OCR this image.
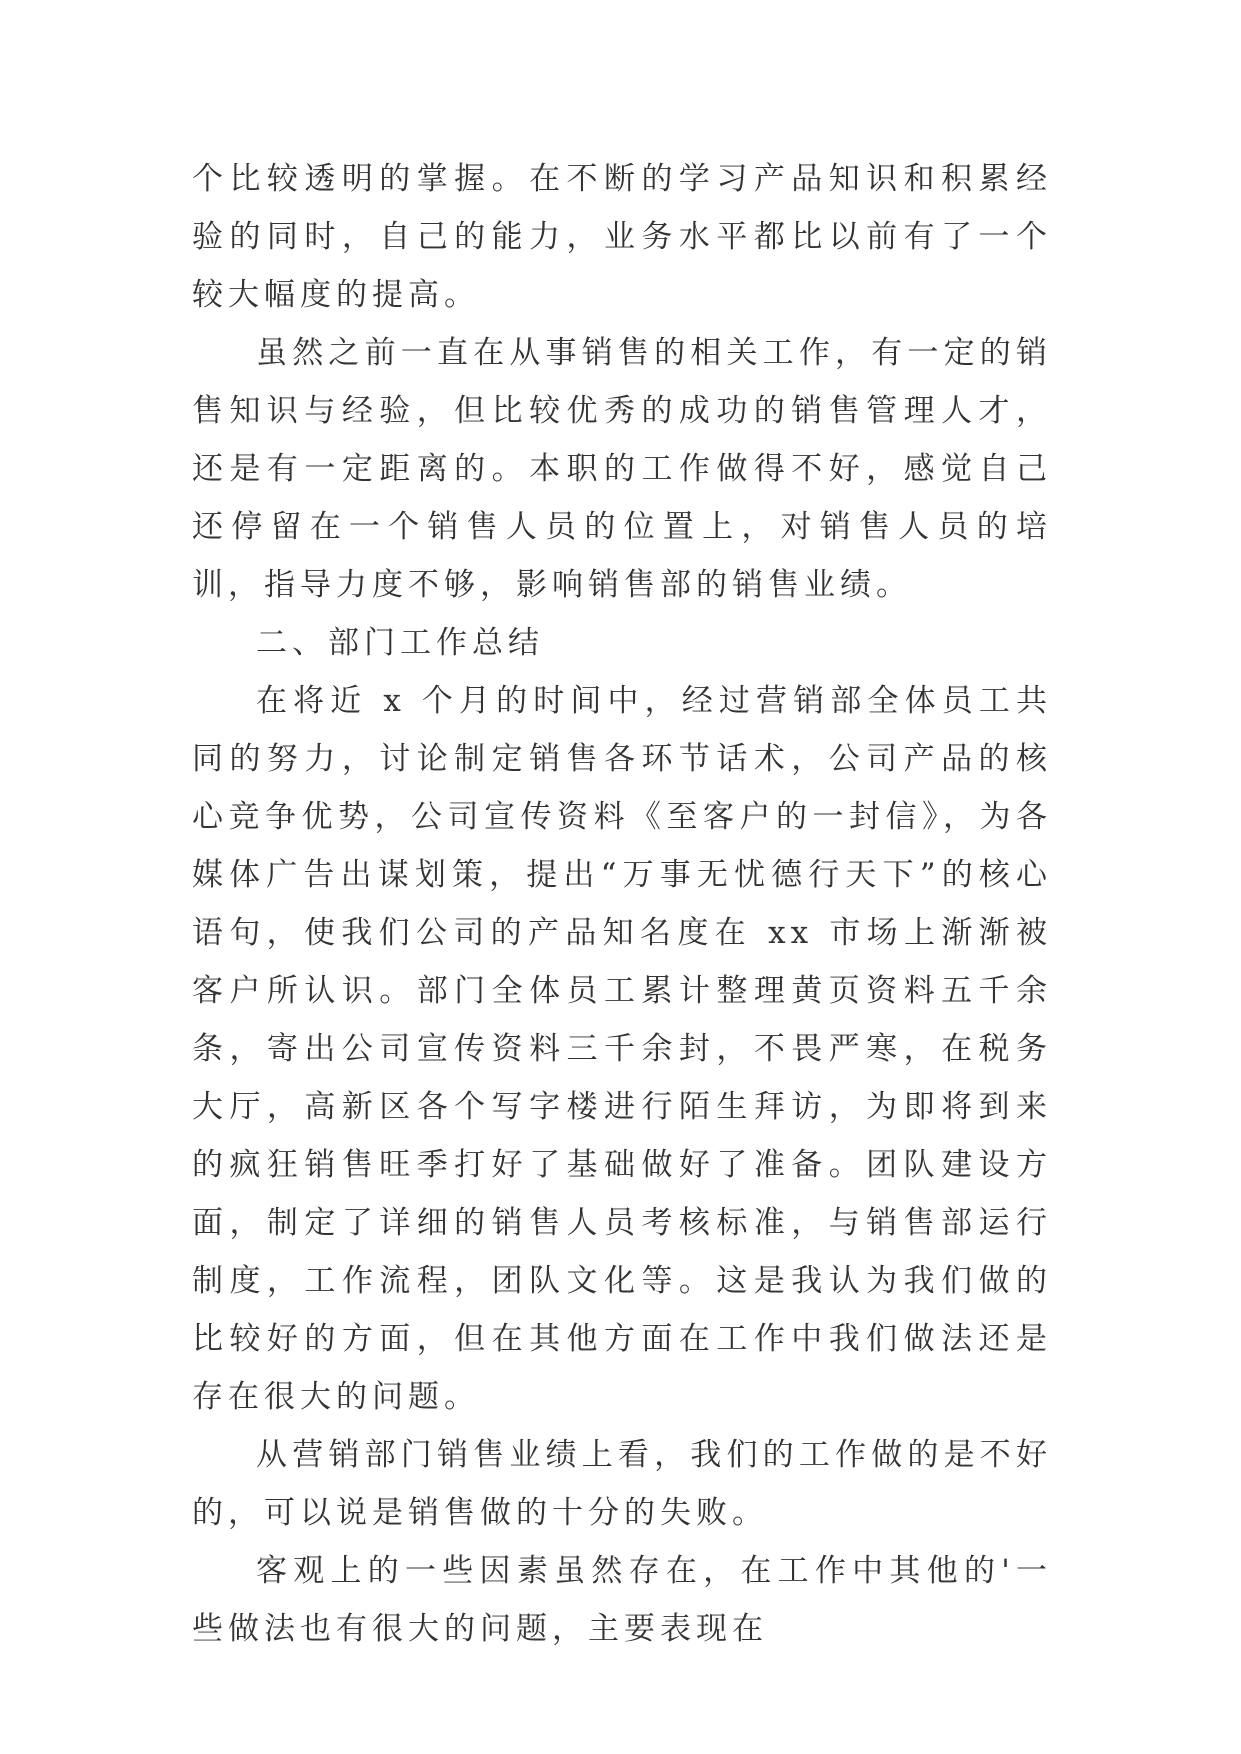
个比较透明的掌握。在不断的学习产品知识和积累经验的同时，自己的能力，业务水平都比以前有了一个较大幅度的提高。

虽然之前一直在从事销售的相关工作，有一定的销售知识与经验，但比较优秀的成功的销售管理人才，还是有一定距离的。本职的工作做得不好，感觉自己还停留在一个销售人员的位置上，对销售人员的培训，指导力度不够，影响销售部的销售业绩。

二、部门工作总结

在将近 x 个月的时间中，经过营销部全体员工共同的努力，讨论制定销售各环节话术，公司产品的核心竞争优势，公司宣传资料《至客户的一封信》，为各媒体广告出谋划策，提出“万事无忧德行天下”的核心语句，使我们公司的产品知名度在 xx 市场上渐渐被客户所认识。部门全体员工累计整理黄页资料五千余条，寄出公司宣传资料三千余封，不畏严寒，在税务大厅，高新区各个写字楼进行陌生拜访，为即将到来的疯狂销售旺季打好了基础做好了准备。团队建设方面，制定了详细的销售人员考核标准，与销售部运行制度，工作流程，团队文化等。这是我认为我们做的比较好的方面，但在其他方面在工作中我们做法还是存在很大的问题。

从营销部门销售业绩上看，我们的工作做的是不好的，可以说是销售做的十分的失败。

客观上的一些因素虽然存在，在工作中其他的'一些做法也有很大的问题，主要表现在
